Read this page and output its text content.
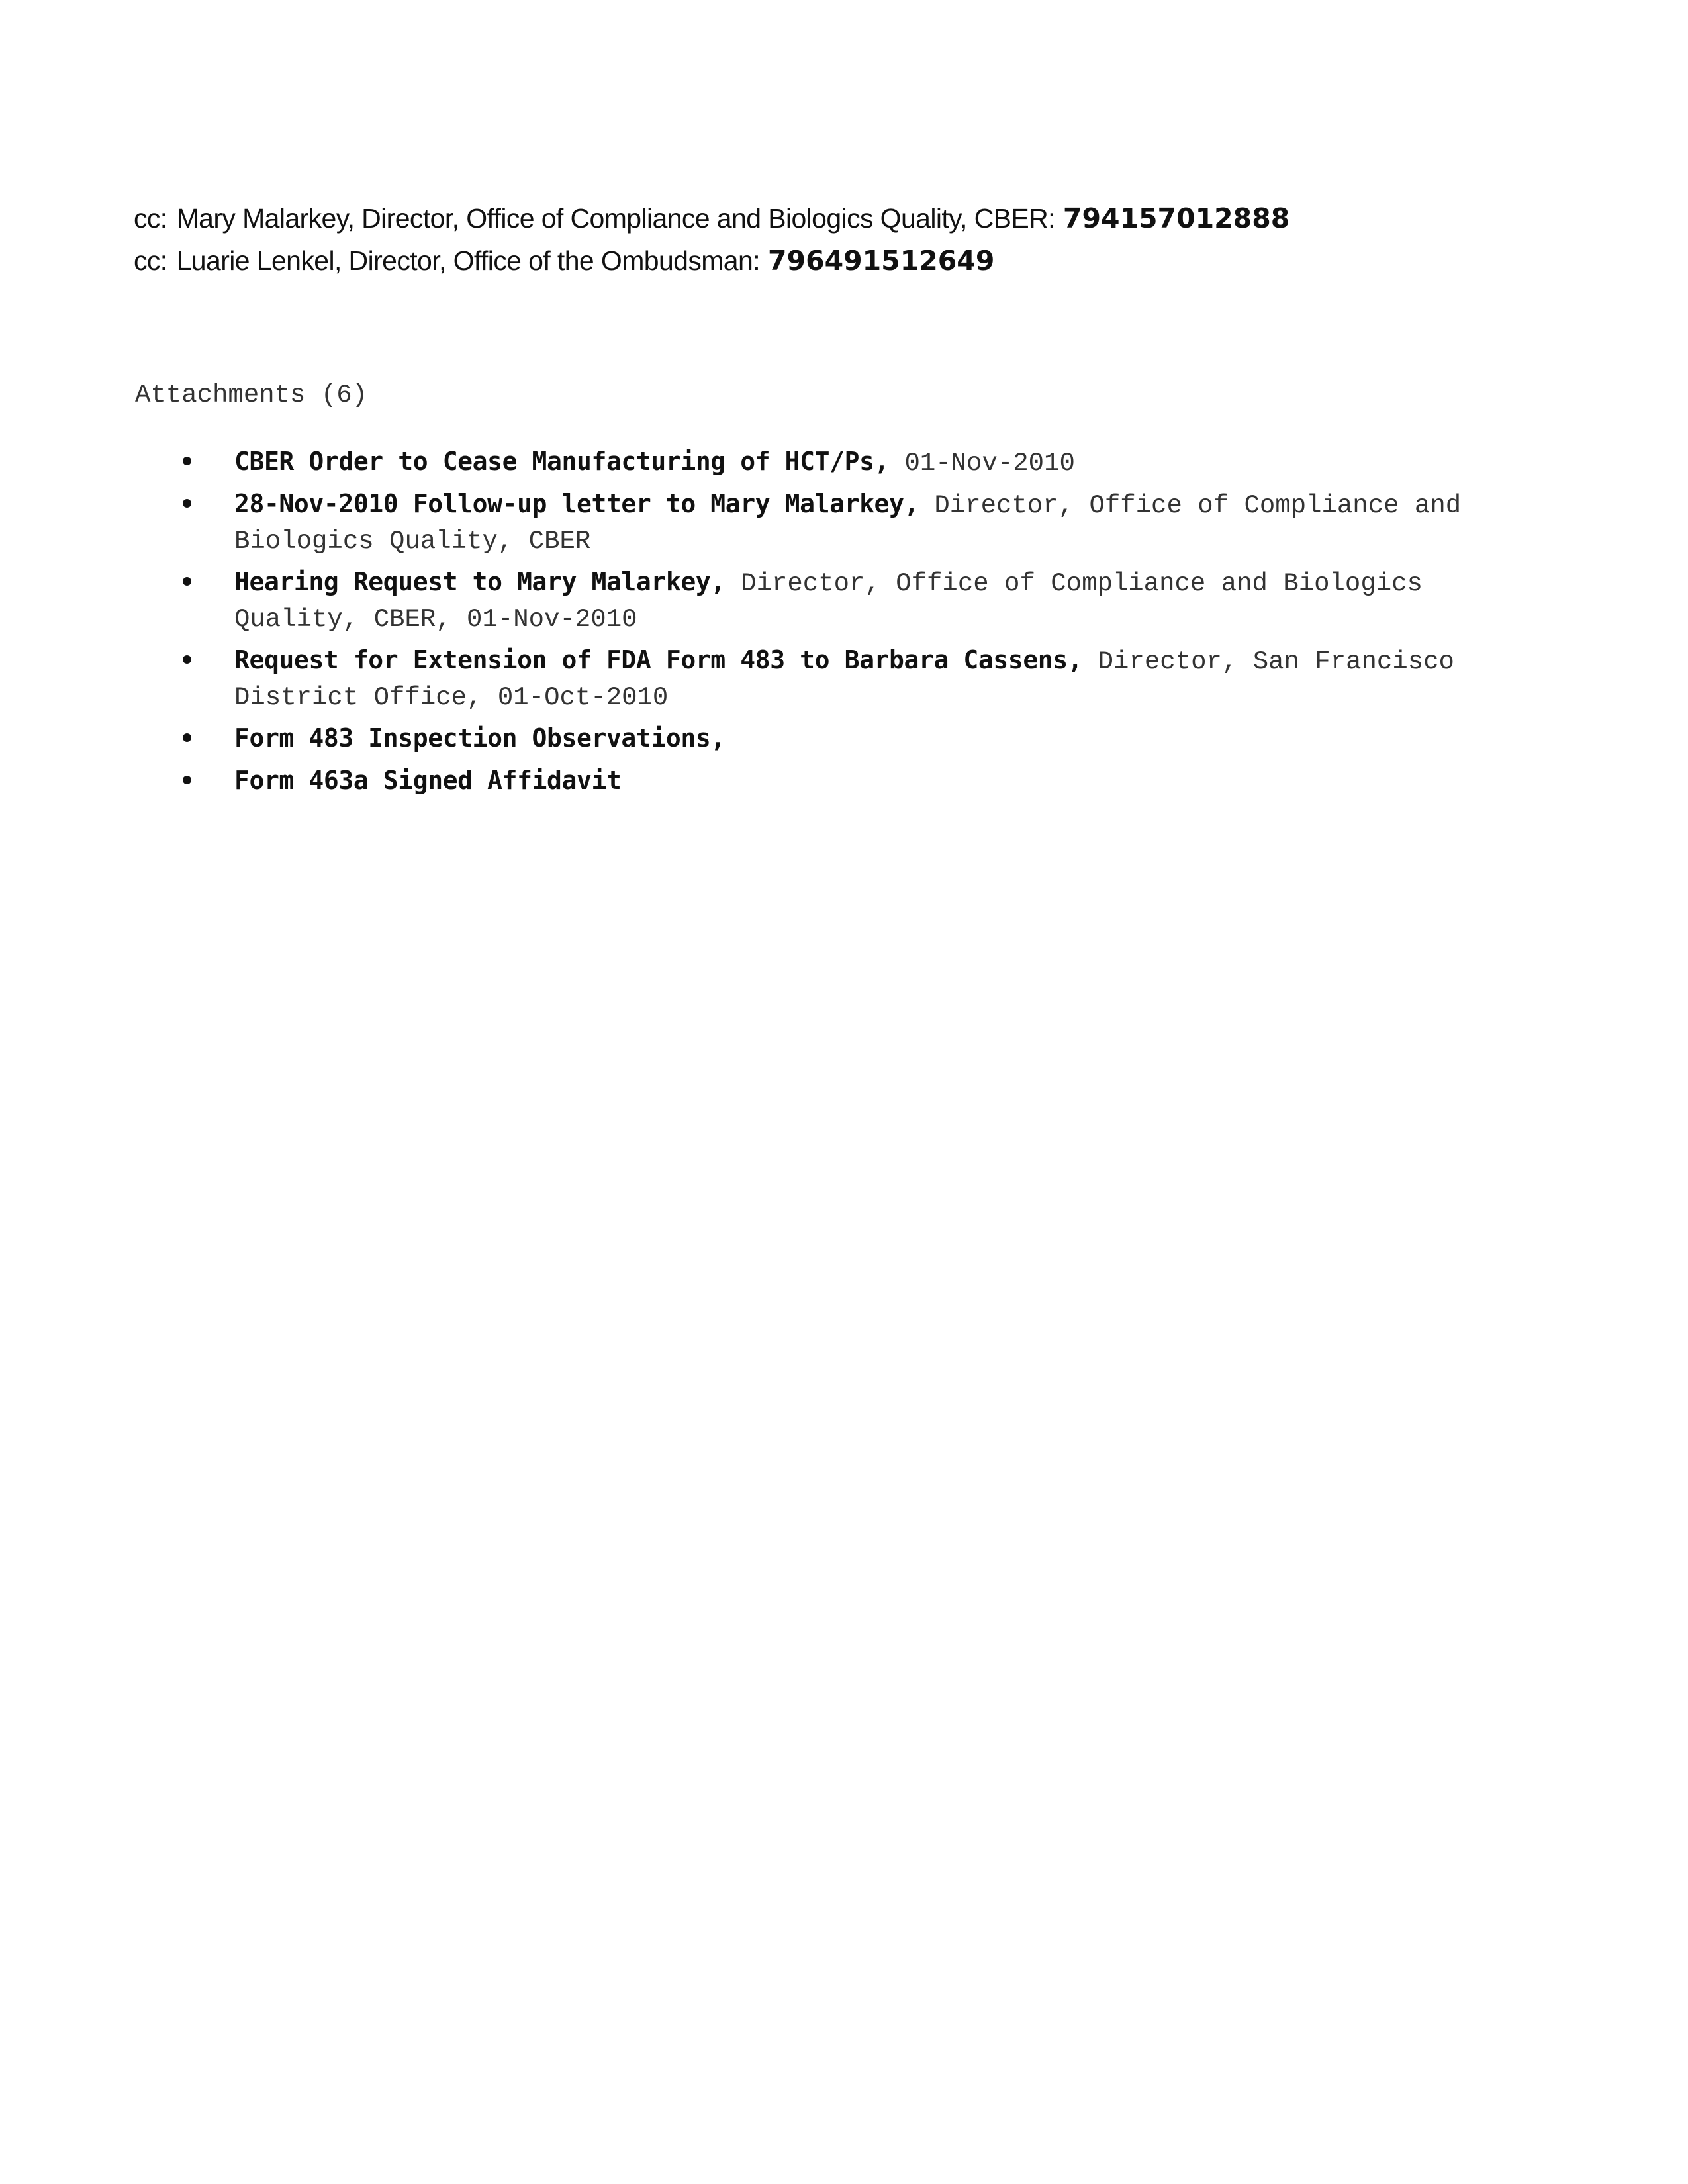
cc: Mary Malarkey, Director, Office of Compliance and Biologics Quality, CBER: 794157012888
cc: Luarie Lenkel, Director, Office of the Ombudsman: 796491512649
Attachments (6)
CBER Order to Cease Manufacturing of HCT/Ps, 01-Nov-2010
28-Nov-2010 Follow-up letter to Mary Malarkey, Director, Office of Compliance and Biologics Quality, CBER
Hearing Request to Mary Malarkey, Director, Office of Compliance and Biologics Quality, CBER, 01-Nov-2010
Request for Extension of FDA Form 483 to Barbara Cassens, Director, San Francisco District Office, 01-Oct-2010
Form 483 Inspection Observations,
Form 463a Signed Affidavit
